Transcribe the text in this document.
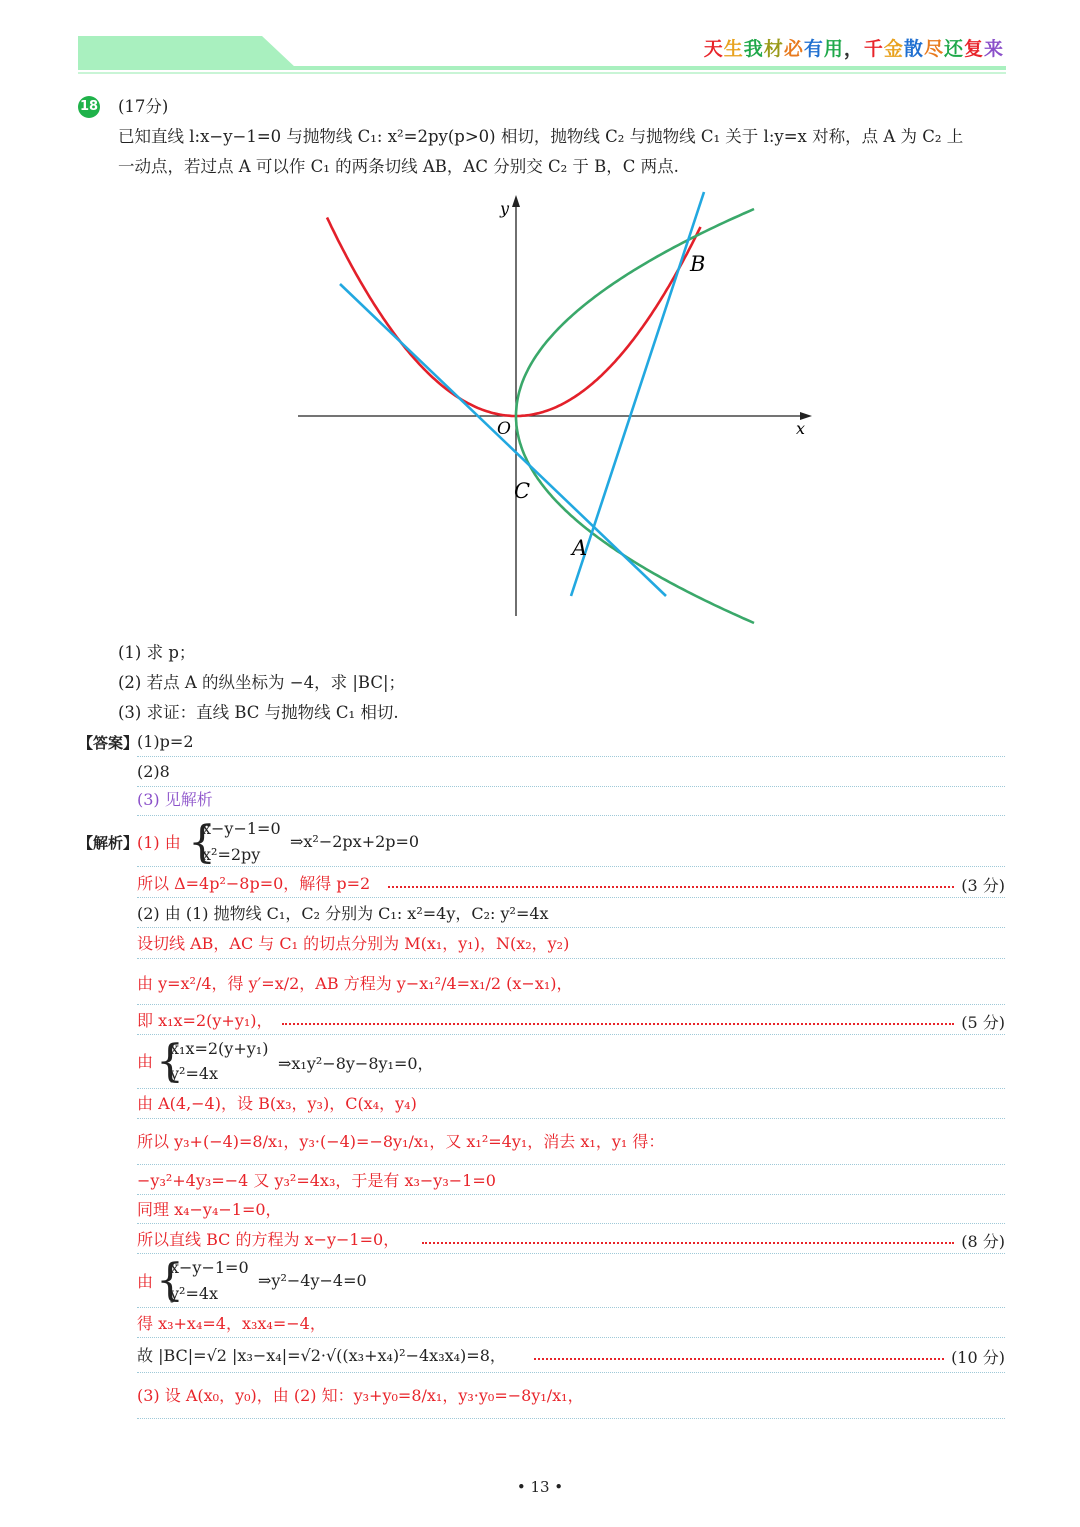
天生我材必有用，千金散尽还复来
18 (17分)
已知直线 l:x−y−1=0 与抛物线 C₁: x²=2py(p>0) 相切，抛物线 C₂ 与抛物线 C₁ 关于 l:y=x 对称，点 A 为 C₂ 上
一动点，若过点 A 可以作 C₁ 的两条切线 AB，AC 分别交 C₂ 于 B，C 两点.
y
x
O
B
C
A
(1) 求 p；
(2) 若点 A 的纵坐标为 −4，求 |BC|；
(3) 求证：直线 BC 与抛物线 C₁ 相切.
【答案】
(1)p=2
(2)8
(3) 见解析
【解析】
(1) 由 {
x−y−1=0
x²=2py
⇒x²−2px+2p=0
所以 Δ=4p²−8p=0，解得 p=2	(3 分)
(2) 由 (1) 抛物线 C₁，C₂ 分别为 C₁: x²=4y，C₂: y²=4x
设切线 AB，AC 与 C₁ 的切点分别为 M(x₁，y₁)，N(x₂，y₂)
由 y=x²/4，得 y′=x/2，AB 方程为 y−x₁²/4=x₁/2 (x−x₁)，
即 x₁x=2(y+y₁)，	(5 分)
由 {
x₁x=2(y+y₁)
y²=4x
⇒x₁y²−8y−8y₁=0，
由 A(4,−4)，设 B(x₃，y₃)，C(x₄，y₄)
所以 y₃+(−4)=8/x₁，y₃·(−4)=−8y₁/x₁，又 x₁²=4y₁，消去 x₁，y₁ 得：
−y₃²+4y₃=−4 又 y₃²=4x₃，于是有 x₃−y₃−1=0
同理 x₄−y₄−1=0，
所以直线 BC 的方程为 x−y−1=0，	(8 分)
由 {
x−y−1=0
y²=4x
⇒y²−4y−4=0
得 x₃+x₄=4，x₃x₄=−4，
故 |BC|=√2 |x₃−x₄|=√2·√((x₃+x₄)²−4x₃x₄)=8，	(10 分)
(3) 设 A(x₀，y₀)，由 (2) 知：y₃+y₀=8/x₁，y₃·y₀=−8y₁/x₁，
• 13 •
